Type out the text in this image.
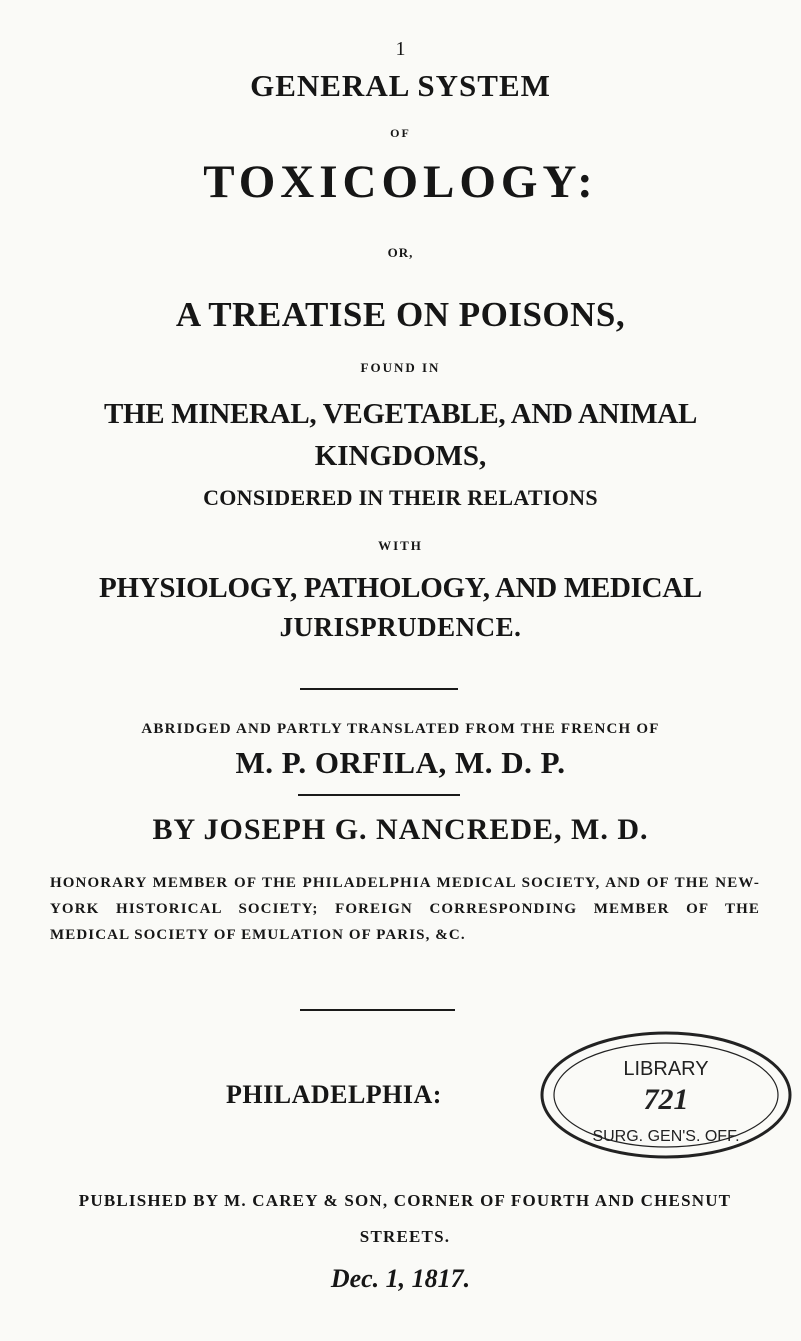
1
GENERAL SYSTEM
OF
TOXICOLOGY:
OR,
A TREATISE ON POISONS,
FOUND IN
THE MINERAL, VEGETABLE, AND ANIMAL
KINGDOMS,
CONSIDERED IN THEIR RELATIONS
WITH
PHYSIOLOGY, PATHOLOGY, AND MEDICAL
JURISPRUDENCE.
ABRIDGED AND PARTLY TRANSLATED FROM THE FRENCH OF
M. P. ORFILA, M. D. P.
BY JOSEPH G. NANCREDE, M. D.
HONORARY MEMBER OF THE PHILADELPHIA MEDICAL SOCIETY, AND OF THE NEW-YORK HISTORICAL SOCIETY; FOREIGN CORRESPONDING MEMBER OF THE MEDICAL SOCIETY OF EMULATION OF PARIS, &C.
PHILADELPHIA:
LIBRARY
721
SURG. GEN'S. OFF.
PUBLISHED BY M. CAREY & SON, CORNER OF FOURTH AND CHESNUT STREETS.
Dec. 1, 1817.
